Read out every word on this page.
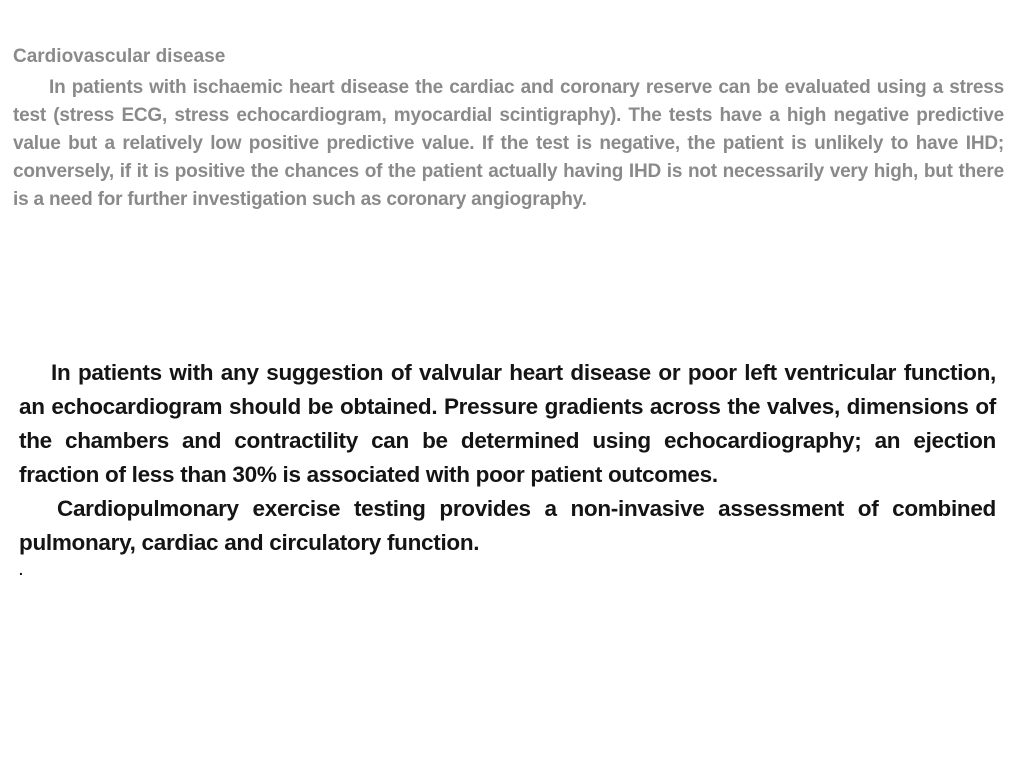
Cardiovascular disease

In patients with ischaemic heart disease the cardiac and coronary reserve can be evaluated using a stress test (stress ECG, stress echocardiogram, myocardial scintigraphy). The tests have a high negative predictive value but a relatively low positive predictive value. If the test is negative, the patient is unlikely to have IHD; conversely, if it is positive the chances of the patient actually having IHD is not necessarily very high, but there is a need for further investigation such as coronary angiography.

In patients with any suggestion of valvular heart disease or poor left ventricular function, an echocardiogram should be obtained. Pressure gradients across the valves, dimensions of the chambers and contractility can be determined using echocardiography; an ejection fraction of less than 30% is associated with poor patient outcomes.

Cardiopulmonary exercise testing provides a non-invasive assessment of combined pulmonary, cardiac and circulatory function.

.
